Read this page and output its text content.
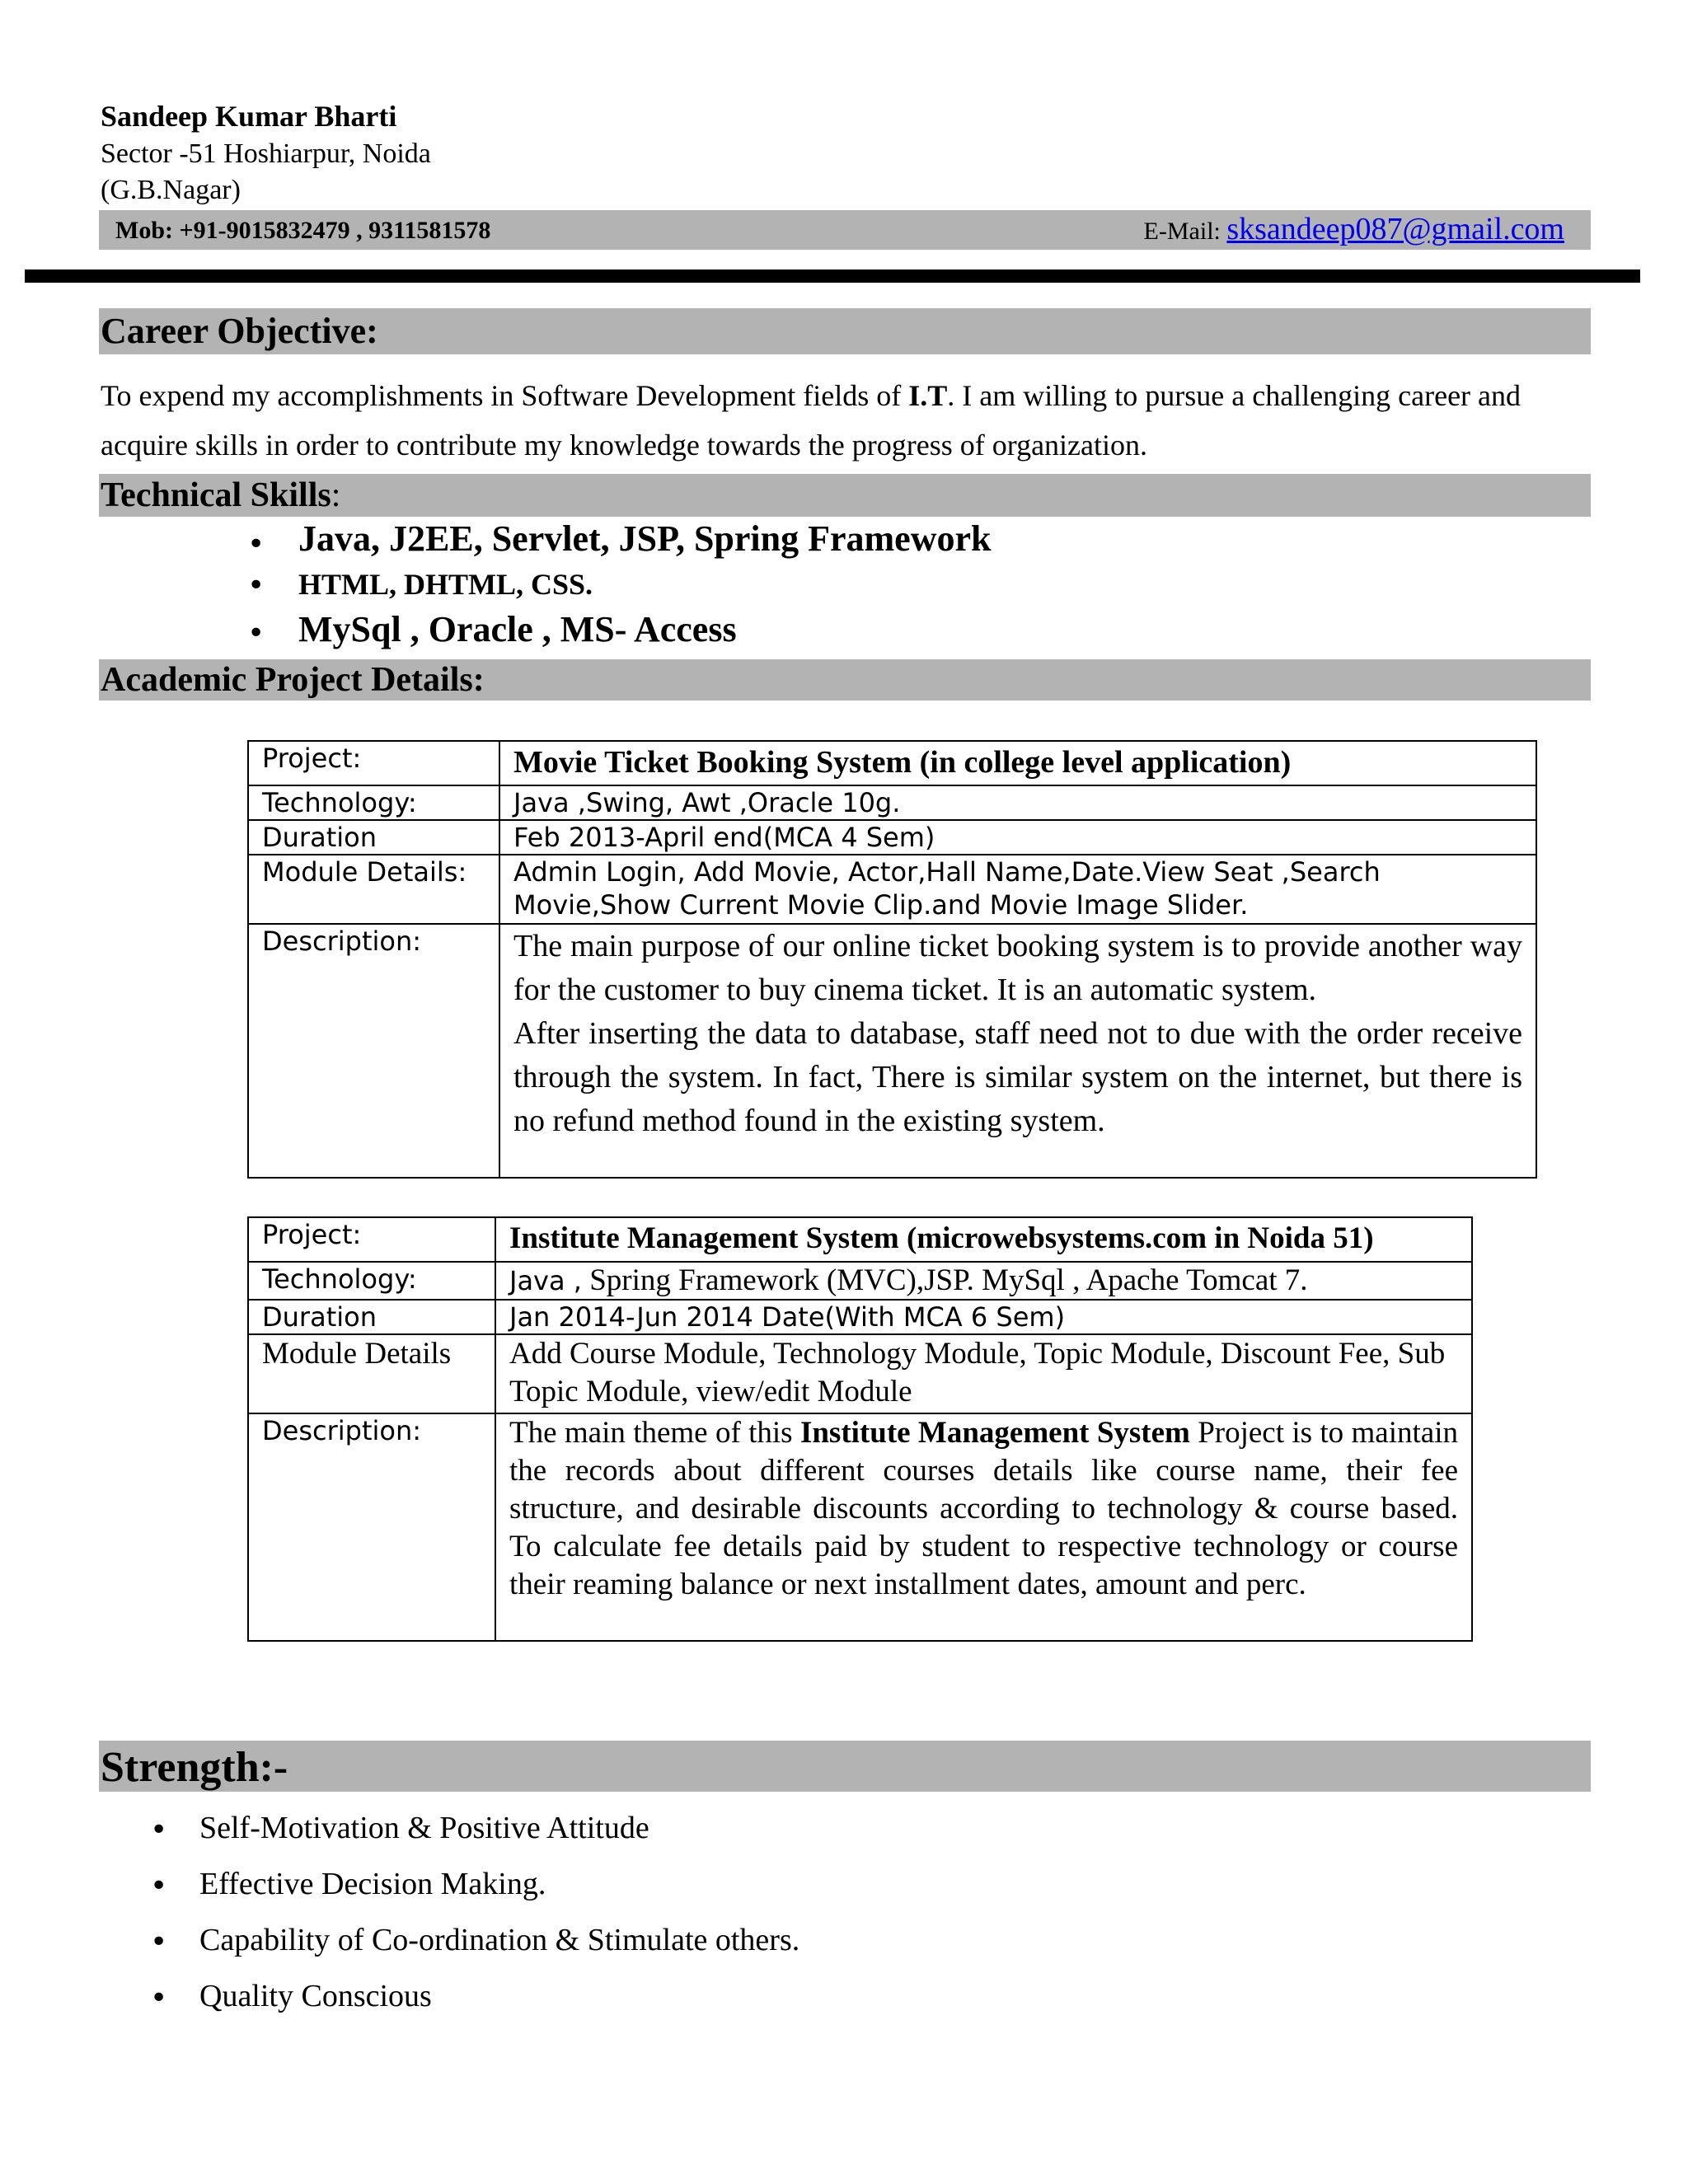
Sandeep Kumar Bharti
Sector -51 Hoshiarpur, Noida
(G.B.Nagar)
Mob: +91-9015832479 , 9311581578	E-Mail: sksandeep087@gmail.com
Career Objective:
To expend my accomplishments in Software Development fields of I.T. I am willing to pursue a challenging career and acquire skills in order to contribute my knowledge towards the progress of organization.
Technical Skills:
• Java, J2EE, Servlet, JSP, Spring Framework
• HTML, DHTML, CSS.
• MySql , Oracle , MS- Access
Academic Project Details:
Project:	Movie Ticket Booking System (in college level application)
Technology:	Java ,Swing, Awt ,Oracle 10g.
Duration	Feb 2013-April end(MCA 4 Sem)
Module Details:	Admin Login, Add Movie, Actor,Hall Name,Date.View Seat ,Search Movie,Show Current Movie Clip.and Movie Image Slider.
Description:	The main purpose of our online ticket booking system is to provide another way for the customer to buy cinema ticket. It is an automatic system.
After inserting the data to database, staff need not to due with the order receive through the system. In fact, There is similar system on the internet, but there is no refund method found in the existing system.
Project:	Institute Management System (microwebsystems.com in Noida 51)
Technology:	Java , Spring Framework (MVC),JSP. MySql , Apache Tomcat 7.
Duration	Jan 2014-Jun 2014 Date(With MCA 6 Sem)
Module Details	Add Course Module, Technology Module, Topic Module, Discount Fee, Sub Topic Module, view/edit Module
Description:	The main theme of this Institute Management System Project is to maintain the records about different courses details like course name, their fee structure, and desirable discounts according to technology & course based. To calculate fee details paid by student to respective technology or course their reaming balance or next installment dates, amount and perc.
Strength:-
• Self-Motivation & Positive Attitude
• Effective Decision Making.
• Capability of Co-ordination & Stimulate others.
• Quality Conscious
